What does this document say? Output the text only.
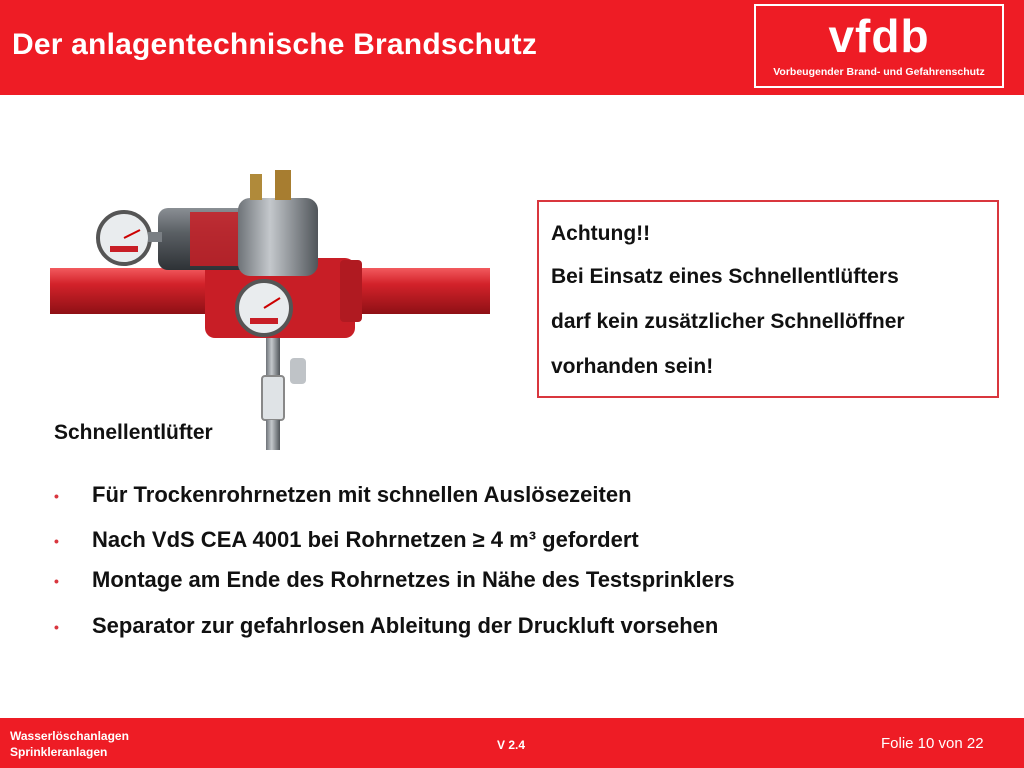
Der anlagentechnische Brandschutz	vfdb
Vorbeugender Brand- und Gefahrenschutz

Achtung!!

Bei Einsatz eines Schnellentlüfters

darf kein zusätzlicher Schnellöffner

vorhanden sein!

Schnellentlüfter
• Für Trockenrohrnetzen mit schnellen Auslösezeiten
• Nach VdS CEA 4001 bei Rohrnetzen ≥ 4 m³ gefordert
• Montage am Ende des Rohrnetzes in Nähe des Testsprinklers
• Separator zur gefahrlosen Ableitung der Druckluft vorsehen
Wasserlöschanlagen
Sprinkleranlagen	V 2.4	Folie 10 von 22
